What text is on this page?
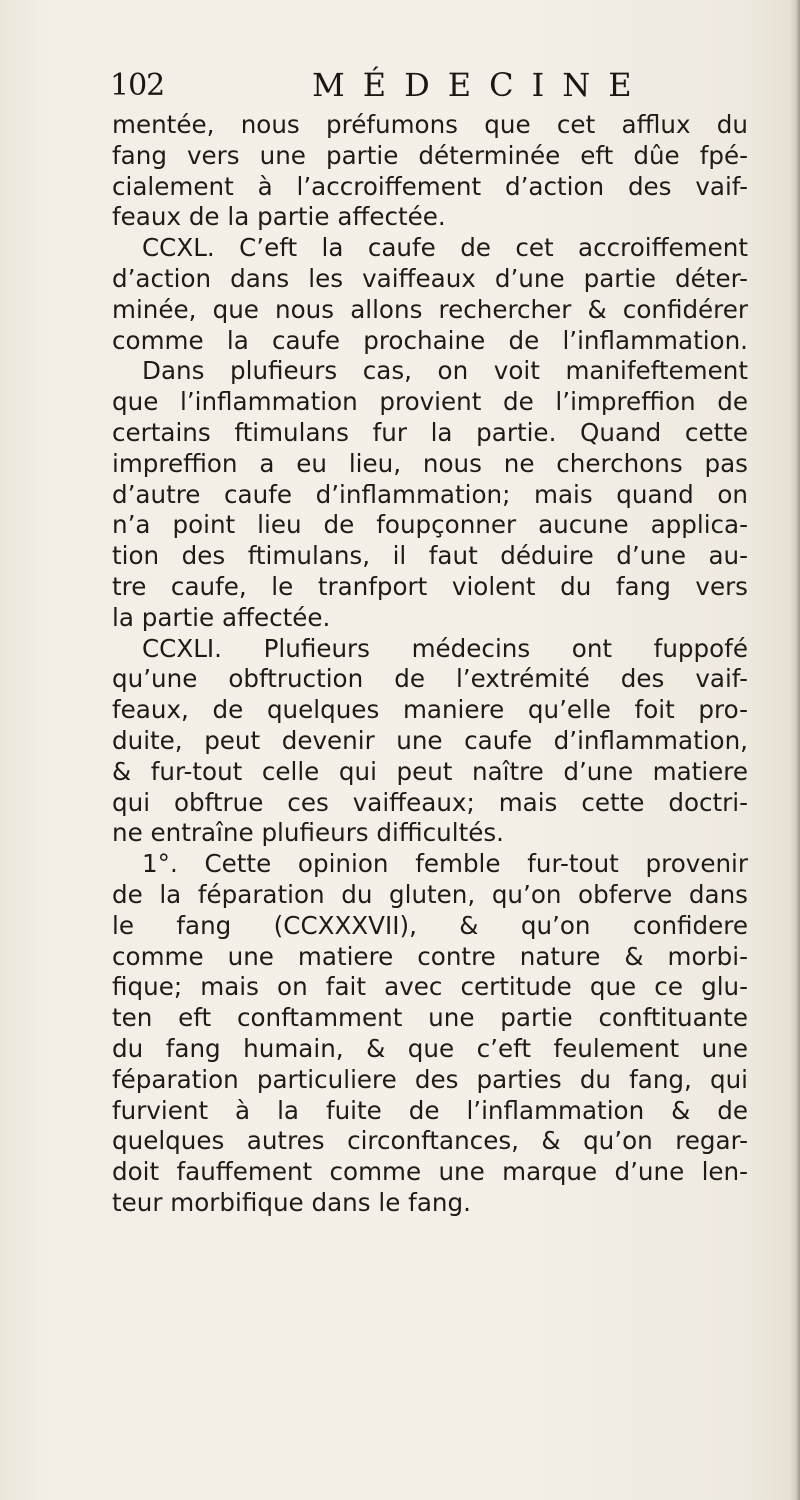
102	MÉDECINE
mentée, nous préfumons que cet afflux du
fang vers une partie déterminée eft dûe fpé-
cialement à l’accroiffement d’action des vaif-
feaux de la partie affectée.
CCXL. C’eft la caufe de cet accroiffement
d’action dans les vaiffeaux d’une partie déter-
minée, que nous allons rechercher & confidérer
comme la caufe prochaine de l’inflammation.
Dans plufieurs cas, on voit manifeftement
que l’inflammation provient de l’impreffion de
certains ftimulans fur la partie. Quand cette
impreffion a eu lieu, nous ne cherchons pas
d’autre caufe d’inflammation; mais quand on
n’a point lieu de foupçonner aucune applica-
tion des ftimulans, il faut déduire d’une au-
tre caufe, le tranfport violent du fang vers
la partie affectée.
CCXLI. Plufieurs médecins ont fuppofé
qu’une obftruction de l’extrémité des vaif-
feaux, de quelques maniere qu’elle foit pro-
duite, peut devenir une caufe d’inflammation,
& fur-tout celle qui peut naître d’une matiere
qui obftrue ces vaiffeaux; mais cette doctri-
ne entraîne plufieurs difficultés.
1°. Cette opinion femble fur-tout provenir
de la féparation du gluten, qu’on obferve dans
le fang (CCXXXVII), & qu’on confidere
comme une matiere contre nature & morbi-
fique; mais on fait avec certitude que ce glu-
ten eft conftamment une partie conftituante
du fang humain, & que c’eft feulement une
féparation particuliere des parties du fang, qui
furvient à la fuite de l’inflammation & de
quelques autres circonftances, & qu’on regar-
doit fauffement comme une marque d’une len-
teur morbifique dans le fang.
